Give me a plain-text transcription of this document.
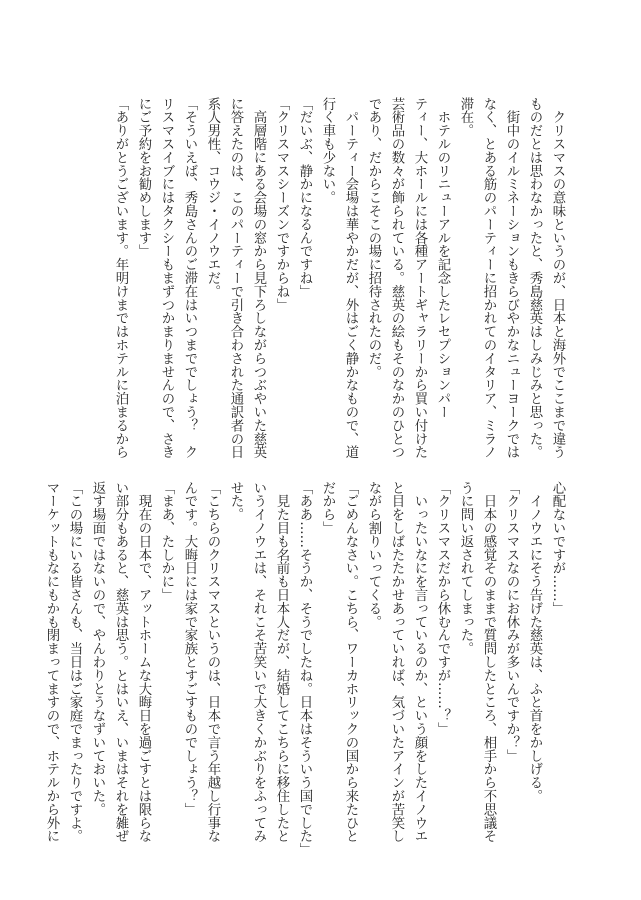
　クリスマスの意味というのが、日本と海外でここまで違う
ものだとは思わなかったと、秀島慈英はしみじみと思った。
　街中のイルミネーションもきらびやかなニューヨークでは
なく、とある筋のパーティーに招かれてのイタリア、ミラノ
滞在。
　ホテルのリニューアルを記念したレセプションパー
ティー、大ホールには各種アートギャラリーから買い付けた
芸術品の数々が飾られている。慈英の絵もそのなかのひとつ
であり、だからこそこの場に招待されたのだ。
　パーティー会場は華やかだが、外はごく静かなもので、道
行く車も少ない。
「だいぶ、静かになるんですね」
「クリスマスシーズンですからね」
　高層階にある会場の窓から見下ろしながらつぶやいた慈英
に答えたのは、このパーティーで引き合わされた通訳者の日
系人男性、コウジ・イノウエだ。
「そういえば、秀島さんのご滞在はいつまででしょう？　ク
リスマスイブにはタクシーもまずつかまりませんので、さき
にご予約をお勧めします」
「ありがとうございます。年明けまではホテルに泊まるから
心配ないですが……」
　イノウエにそう告げた慈英は、ふと首をかしげる。
「クリスマスなのにお休みが多いんですか？」
　日本の感覚そのままで質問したところ、相手から不思議そ
うに問い返されてしまった。
「クリスマスだから休むんですが……？」
　いったいなにを言っているのか、という顔をしたイノウエ
と目をしばたたかせあっていれば、気づいたアインが苦笑し
ながら割りいってくる。
「ごめんなさい。こちら、ワーカホリックの国から来たひと
だから」
「ああ……そうか、そうでしたね。日本はそういう国でした」
　見た目も名前も日本人だが、結婚してこちらに移住したと
いうイノウエは、それこそ苦笑いで大きくかぶりをふってみ
せた。
「こちらのクリスマスというのは、日本で言う年越し行事な
んです。大晦日には家で家族とすごすものでしょう？」
「まあ、たしかに」
　現在の日本で、アットホームな大晦日を過ごすとは限らな
い部分もあると、慈英は思う。とはいえ、いまはそれを雑ぜ
返す場面ではないので、やんわりとうなずいておいた。
「この場にいる皆さんも、当日はご家庭でまったりですよ。
マーケットもなにもかも閉まってますので、ホテルから外に
